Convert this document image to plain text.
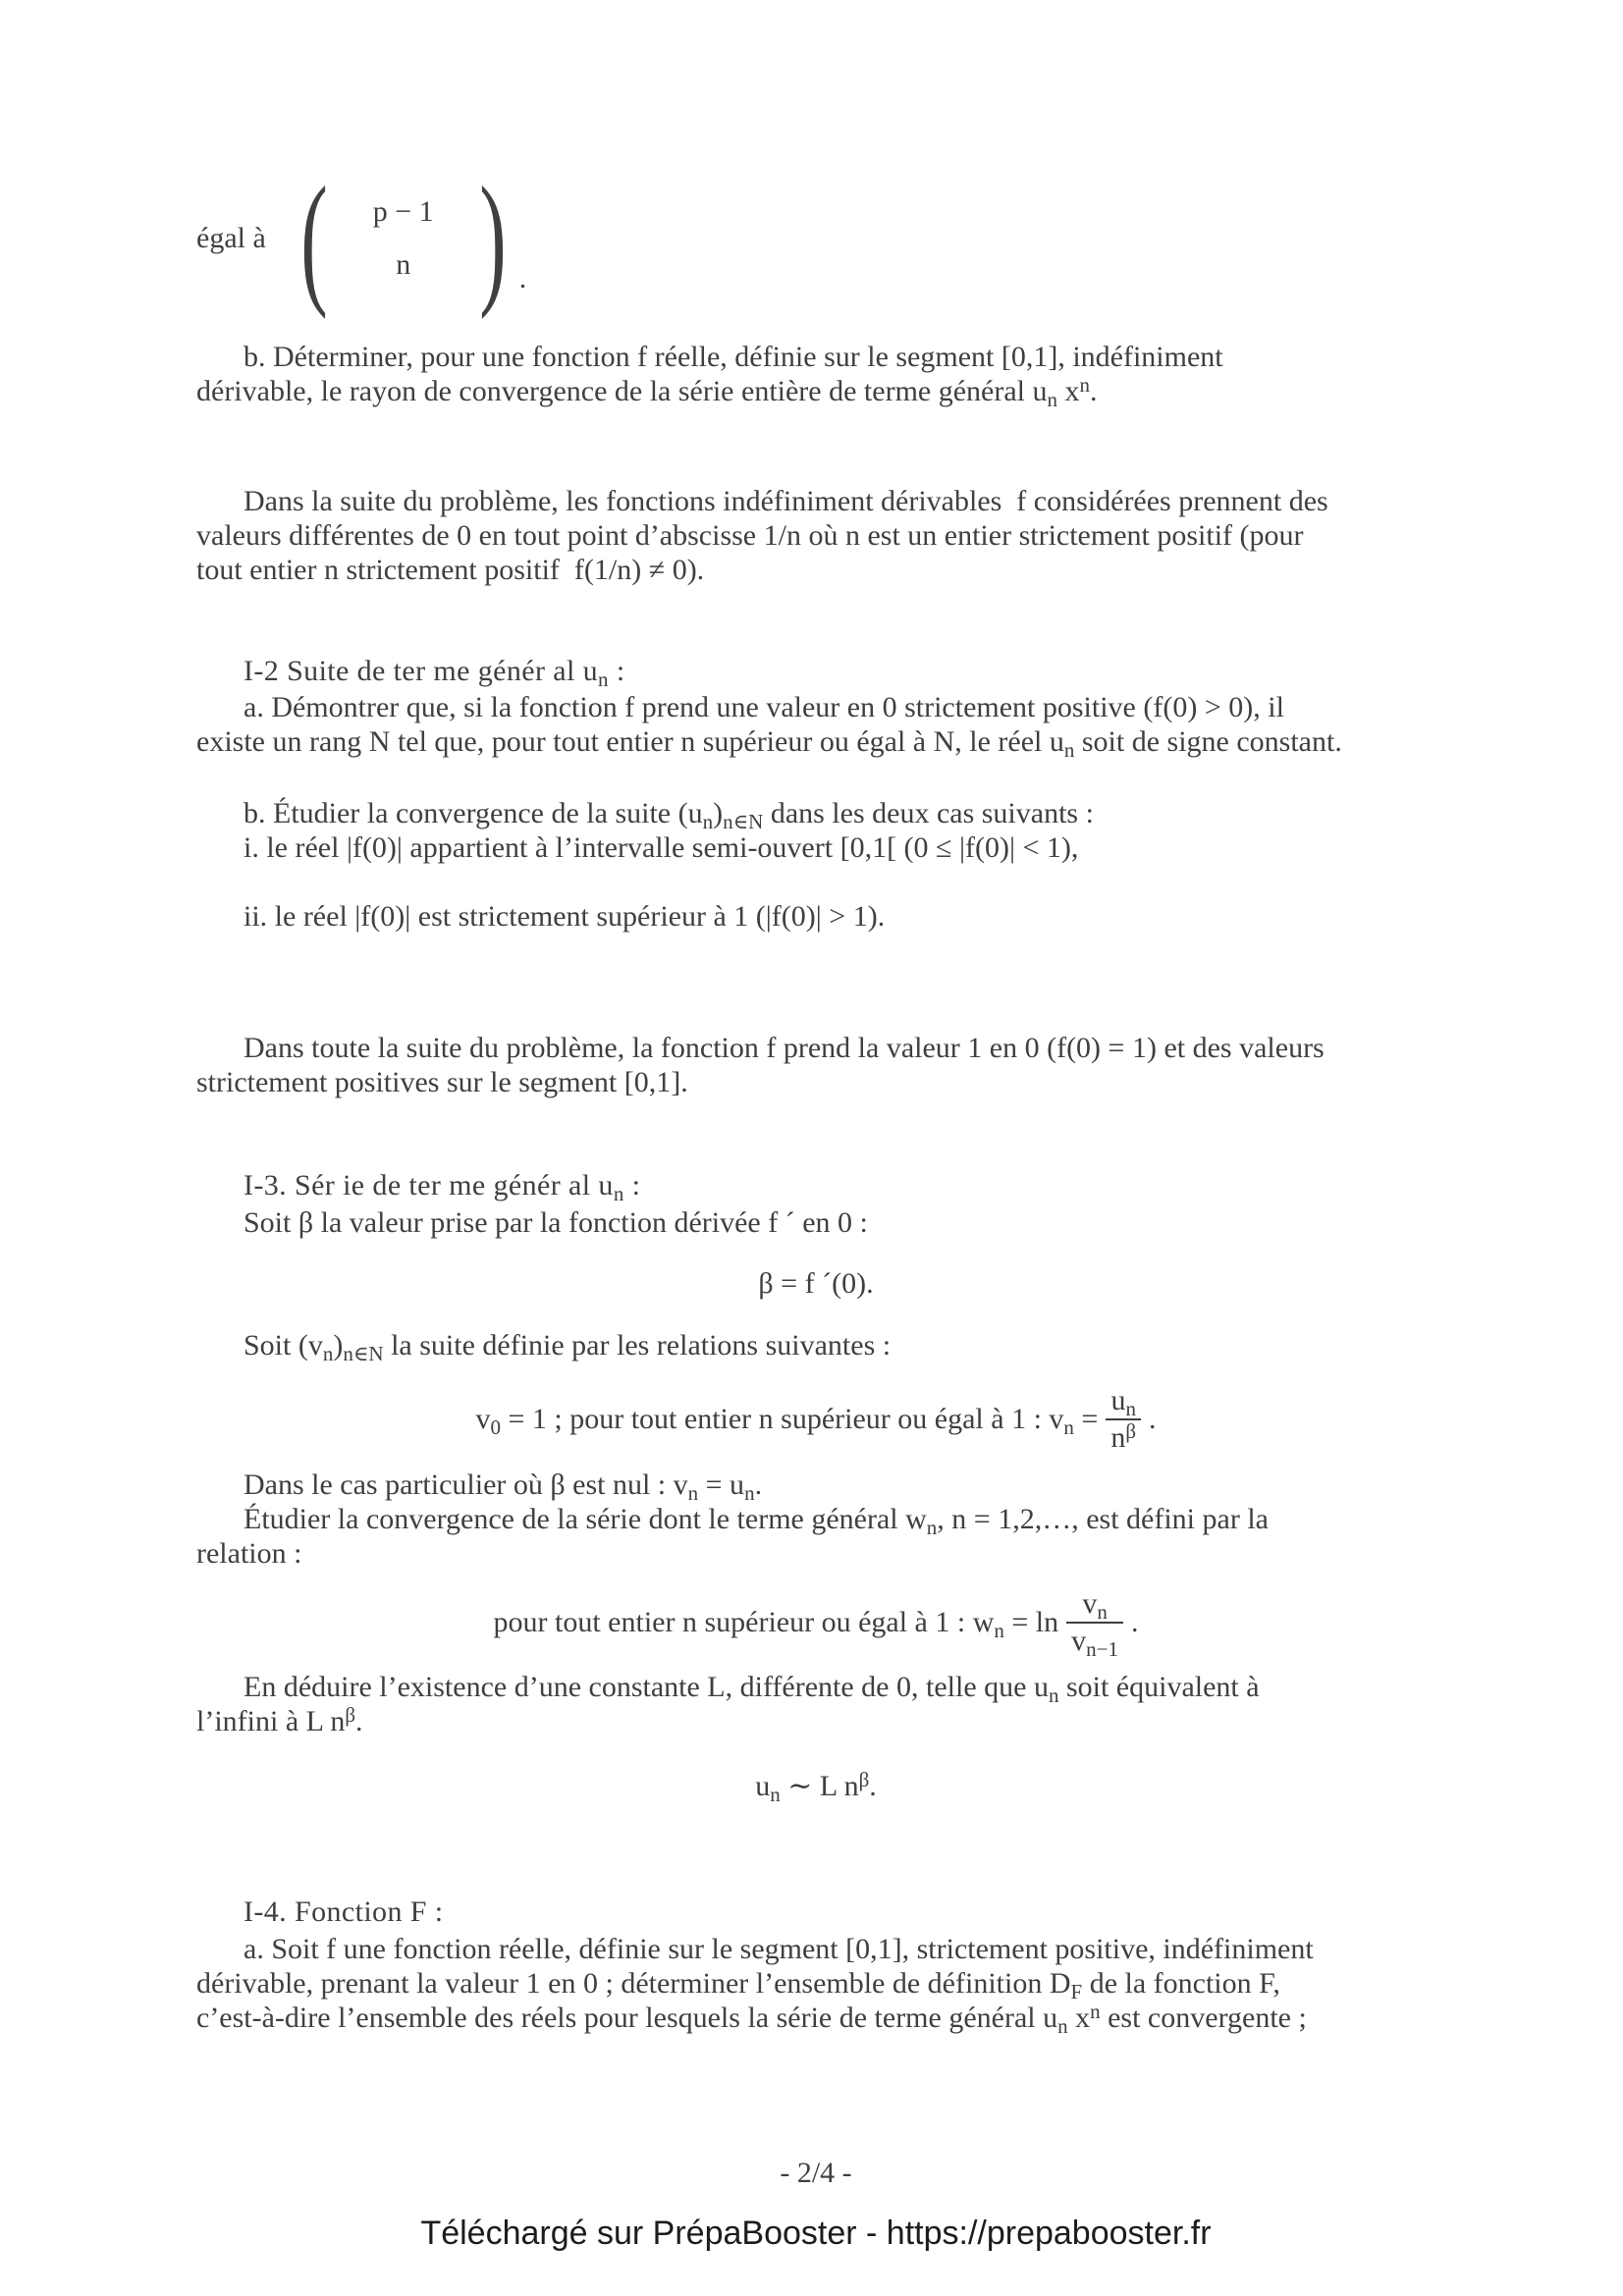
égal à ( p − 1
n ) .

b. Déterminer, pour une fonction f réelle, définie sur le segment [0,1], indéfiniment
dérivable, le rayon de convergence de la série entière de terme général $u_n$ $x^n$.

Dans la suite du problème, les fonctions indéfiniment dérivables  f considérées prennent des
valeurs différentes de 0 en tout point d’abscisse 1/n où n est un entier strictement positif (pour
tout entier n strictement positif  f(1/n) ≠ 0).

I-2 Suite de ter me génér al $u_n$ :

a. Démontrer que, si la fonction f prend une valeur en 0 strictement positive (f(0) > 0), il
existe un rang N tel que, pour tout entier n supérieur ou égal à N, le réel $u_n$ soit de signe constant.

b. Étudier la convergence de la suite $(u_n)_{n\in N}$ dans les deux cas suivants :
i. le réel |f(0)| appartient à l’intervalle semi-ouvert [0,1[ (0 ≤ |f(0)| < 1),

ii. le réel |f(0)| est strictement supérieur à 1 (|f(0)| > 1).

Dans toute la suite du problème, la fonction f prend la valeur 1 en 0 (f(0) = 1) et des valeurs
strictement positives sur le segment [0,1].

I-3. Sér ie de ter me génér al $u_n$ :

Soit β la valeur prise par la fonction dérivée f ´ en 0 :

β = f ´(0).

Soit $(v_n)_{n\in N}$ la suite définie par les relations suivantes :

$v_0 = 1$ ; pour tout entier n supérieur ou égal à 1 : $v_n = \frac{u_n}{n^\beta}$ .

Dans le cas particulier où β est nul : $v_n = u_n$.
Étudier la convergence de la série dont le terme général $w_n$, n = 1,2,…, est défini par la
relation :

pour tout entier n supérieur ou égal à 1 : $w_n = \ln \frac{v_n}{v_{n-1}}$ .

En déduire l’existence d’une constante L, différente de 0, telle que $u_n$ soit équivalent à
l’infini à L $n^\beta$.

$u_n$ ∼ L $n^\beta$.

I-4. Fonction F :

a. Soit f une fonction réelle, définie sur le segment [0,1], strictement positive, indéfiniment
dérivable, prenant la valeur 1 en 0 ; déterminer l’ensemble de définition $D_F$ de la fonction F,
c’est-à-dire l’ensemble des réels pour lesquels la série de terme général $u_n$ $x^n$ est convergente ;

- 2/4 -

Téléchargé sur PrépaBooster - https://prepabooster.fr
